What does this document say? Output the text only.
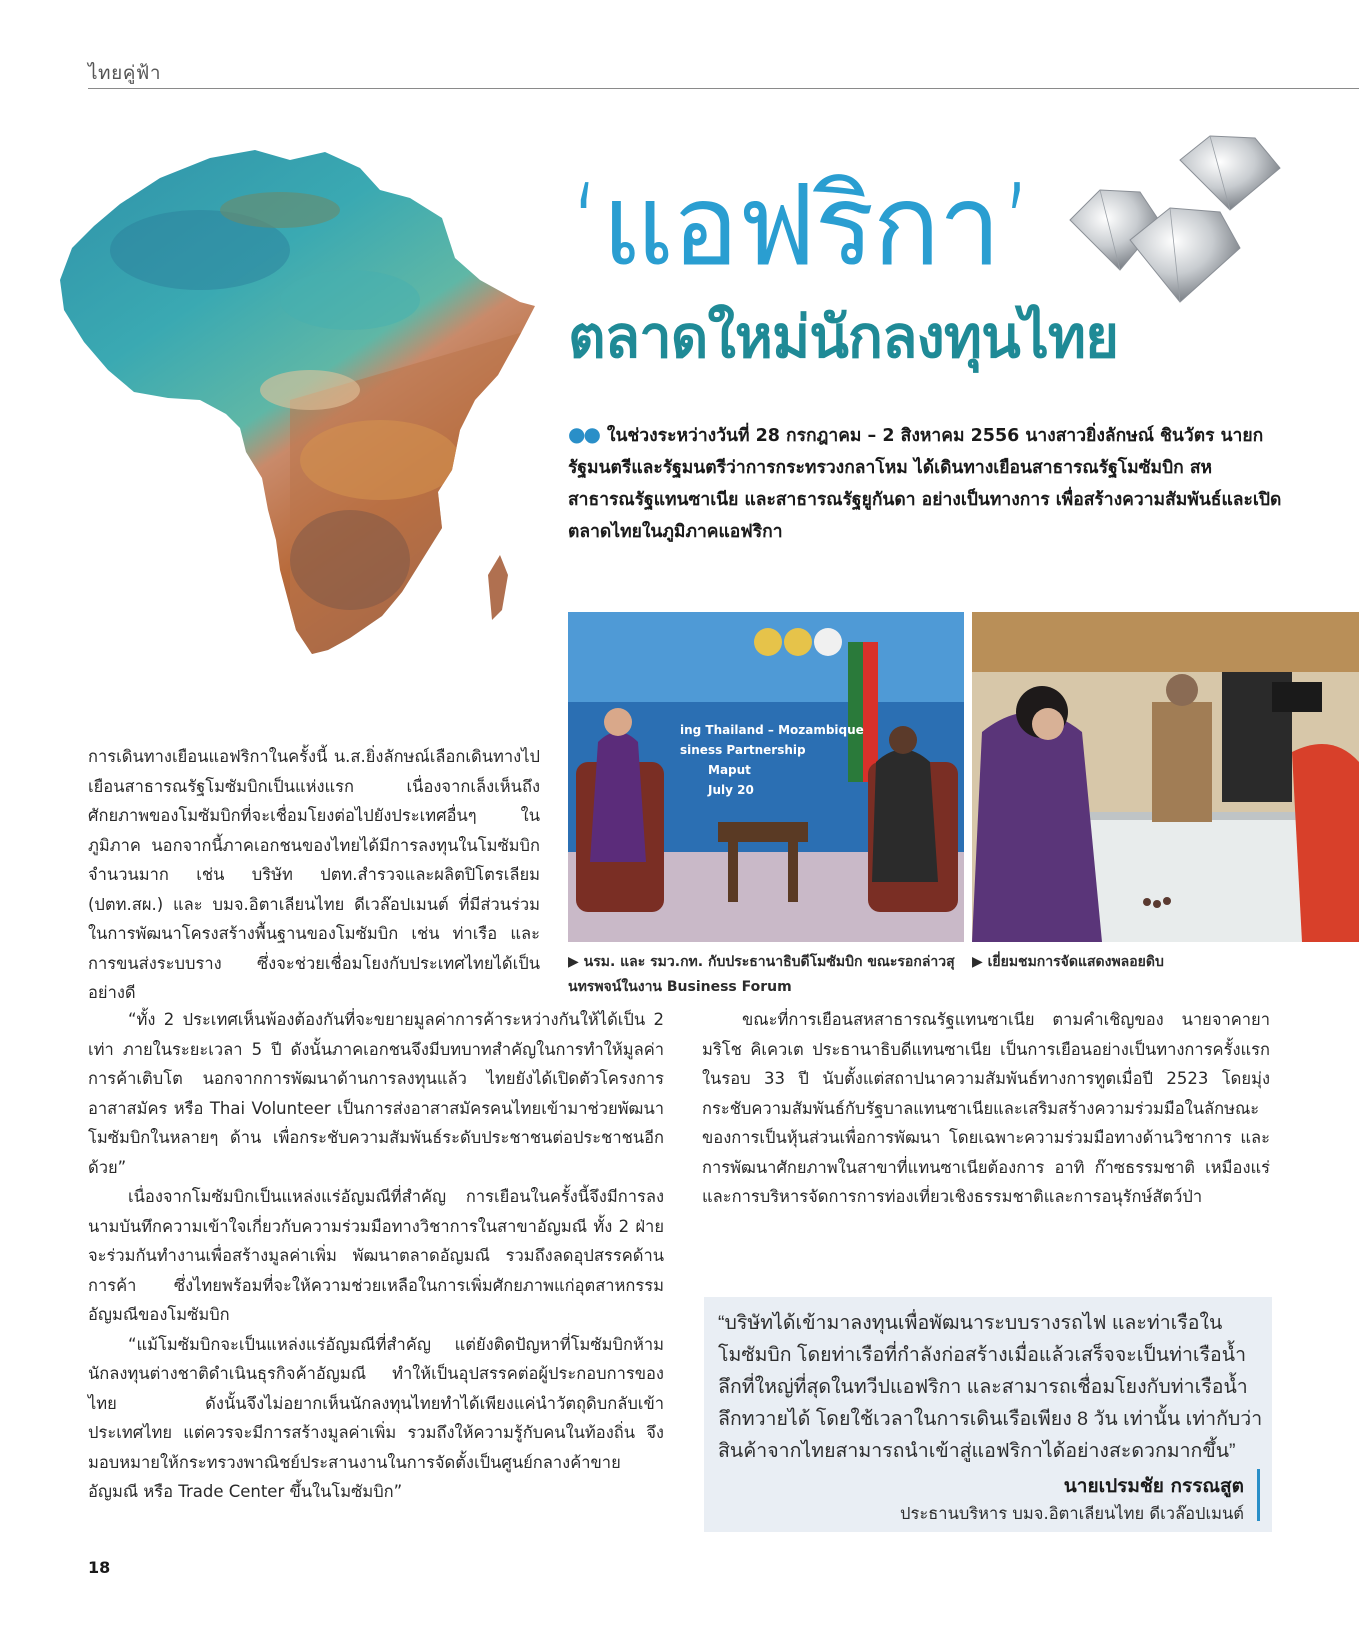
ไทยคู่ฟ้า
‘แอฟริกา’
ตลาดใหม่นักลงทุนไทย
●● ในช่วงระหว่างวันที่ 28 กรกฎาคม – 2 สิงหาคม 2556 นางสาวยิ่งลักษณ์ ชินวัตร นายกรัฐมนตรีและรัฐมนตรีว่าการกระทรวงกลาโหม ได้เดินทางเยือนสาธารณรัฐโมซัมบิก สหสาธารณรัฐแทนซาเนีย และสาธารณรัฐยูกันดา อย่างเป็นทางการ เพื่อสร้างความสัมพันธ์และเปิดตลาดไทยในภูมิภาคแอฟริกา
ing Thailand – Mozambique
siness Partnership
Maput
July 20
▶ นรม. และ รมว.กท. กับประธานาธิบดีโมซัมบิก ขณะรอกล่าวสุนทรพจน์ในงาน Business Forum
▶ เยี่ยมชมการจัดแสดงพลอยดิบ

การเดินทางเยือนแอฟริกาในครั้งนี้ น.ส.ยิ่งลักษณ์เลือกเดินทางไปเยือนสาธารณรัฐโมซัมบิกเป็นแห่งแรก เนื่องจากเล็งเห็นถึงศักยภาพของโมซัมบิกที่จะเชื่อมโยงต่อไปยังประเทศอื่นๆ ในภูมิภาค นอกจากนี้ภาคเอกชนของไทยได้มีการลงทุนในโมซัมบิกจำนวนมาก เช่น บริษัท ปตท.สำรวจและผลิตปิโตรเลียม (ปตท.สผ.) และ บมจ.อิตาเลียนไทย ดีเวล๊อปเมนต์ ที่มีส่วนร่วมในการพัฒนาโครงสร้างพื้นฐานของโมซัมบิก เช่น ท่าเรือ และการขนส่งระบบราง ซึ่งจะช่วยเชื่อมโยงกับประเทศไทยได้เป็นอย่างดี

“ทั้ง 2 ประเทศเห็นพ้องต้องกันที่จะขยายมูลค่าการค้าระหว่างกันให้ได้เป็น 2 เท่า ภายในระยะเวลา 5 ปี ดังนั้นภาคเอกชนจึงมีบทบาทสำคัญในการทำให้มูลค่าการค้าเติบโต นอกจากการพัฒนาด้านการลงทุนแล้ว ไทยยังได้เปิดตัวโครงการอาสาสมัคร หรือ Thai Volunteer เป็นการส่งอาสาสมัครคนไทยเข้ามาช่วยพัฒนาโมซัมบิกในหลายๆ ด้าน เพื่อกระชับความสัมพันธ์ระดับประชาชนต่อประชาชนอีกด้วย”

เนื่องจากโมซัมบิกเป็นแหล่งแร่อัญมณีที่สำคัญ การเยือนในครั้งนี้จึงมีการลงนามบันทึกความเข้าใจเกี่ยวกับความร่วมมือทางวิชาการในสาขาอัญมณี ทั้ง 2 ฝ่ายจะร่วมกันทำงานเพื่อสร้างมูลค่าเพิ่ม พัฒนาตลาดอัญมณี รวมถึงลดอุปสรรคด้านการค้า ซึ่งไทยพร้อมที่จะให้ความช่วยเหลือในการเพิ่มศักยภาพแก่อุตสาหกรรมอัญมณีของโมซัมบิก

“แม้โมซัมบิกจะเป็นแหล่งแร่อัญมณีที่สำคัญ แต่ยังติดปัญหาที่โมซัมบิกห้ามนักลงทุนต่างชาติดำเนินธุรกิจค้าอัญมณี ทำให้เป็นอุปสรรคต่อผู้ประกอบการของไทย ดังนั้นจึงไม่อยากเห็นนักลงทุนไทยทำได้เพียงแค่นำวัตถุดิบกลับเข้าประเทศไทย แต่ควรจะมีการสร้างมูลค่าเพิ่ม รวมถึงให้ความรู้กับคนในท้องถิ่น จึงมอบหมายให้กระทรวงพาณิชย์ประสานงานในการจัดตั้งเป็นศูนย์กลางค้าขายอัญมณี หรือ Trade Center ขึ้นในโมซัมบิก”

ขณะที่การเยือนสหสาธารณรัฐแทนซาเนีย ตามคำเชิญของ นายจาคายา มริโช คิเควเต ประธานาธิบดีแทนซาเนีย เป็นการเยือนอย่างเป็นทางการครั้งแรกในรอบ 33 ปี นับตั้งแต่สถาปนาความสัมพันธ์ทางการทูตเมื่อปี 2523 โดยมุ่งกระชับความสัมพันธ์กับรัฐบาลแทนซาเนียและเสริมสร้างความร่วมมือในลักษณะของการเป็นหุ้นส่วนเพื่อการพัฒนา โดยเฉพาะความร่วมมือทางด้านวิชาการ และการพัฒนาศักยภาพในสาขาที่แทนซาเนียต้องการ อาทิ ก๊าซธรรมชาติ เหมืองแร่ และการบริหารจัดการการท่องเที่ยวเชิงธรรมชาติและการอนุรักษ์สัตว์ป่า

“บริษัทได้เข้ามาลงทุนเพื่อพัฒนาระบบรางรถไฟ และท่าเรือในโมซัมบิก โดยท่าเรือที่กำลังก่อสร้างเมื่อแล้วเสร็จจะเป็นท่าเรือน้ำลึกที่ใหญ่ที่สุดในทวีปแอฟริกา และสามารถเชื่อมโยงกับท่าเรือน้ำลึกทวายได้ โดยใช้เวลาในการเดินเรือเพียง 8 วัน เท่านั้น เท่ากับว่าสินค้าจากไทยสามารถนำเข้าสู่แอฟริกาได้อย่างสะดวกมากขึ้น”
นายเปรมชัย กรรณสูต
ประธานบริหาร บมจ.อิตาเลียนไทย ดีเวล๊อปเมนต์
18
